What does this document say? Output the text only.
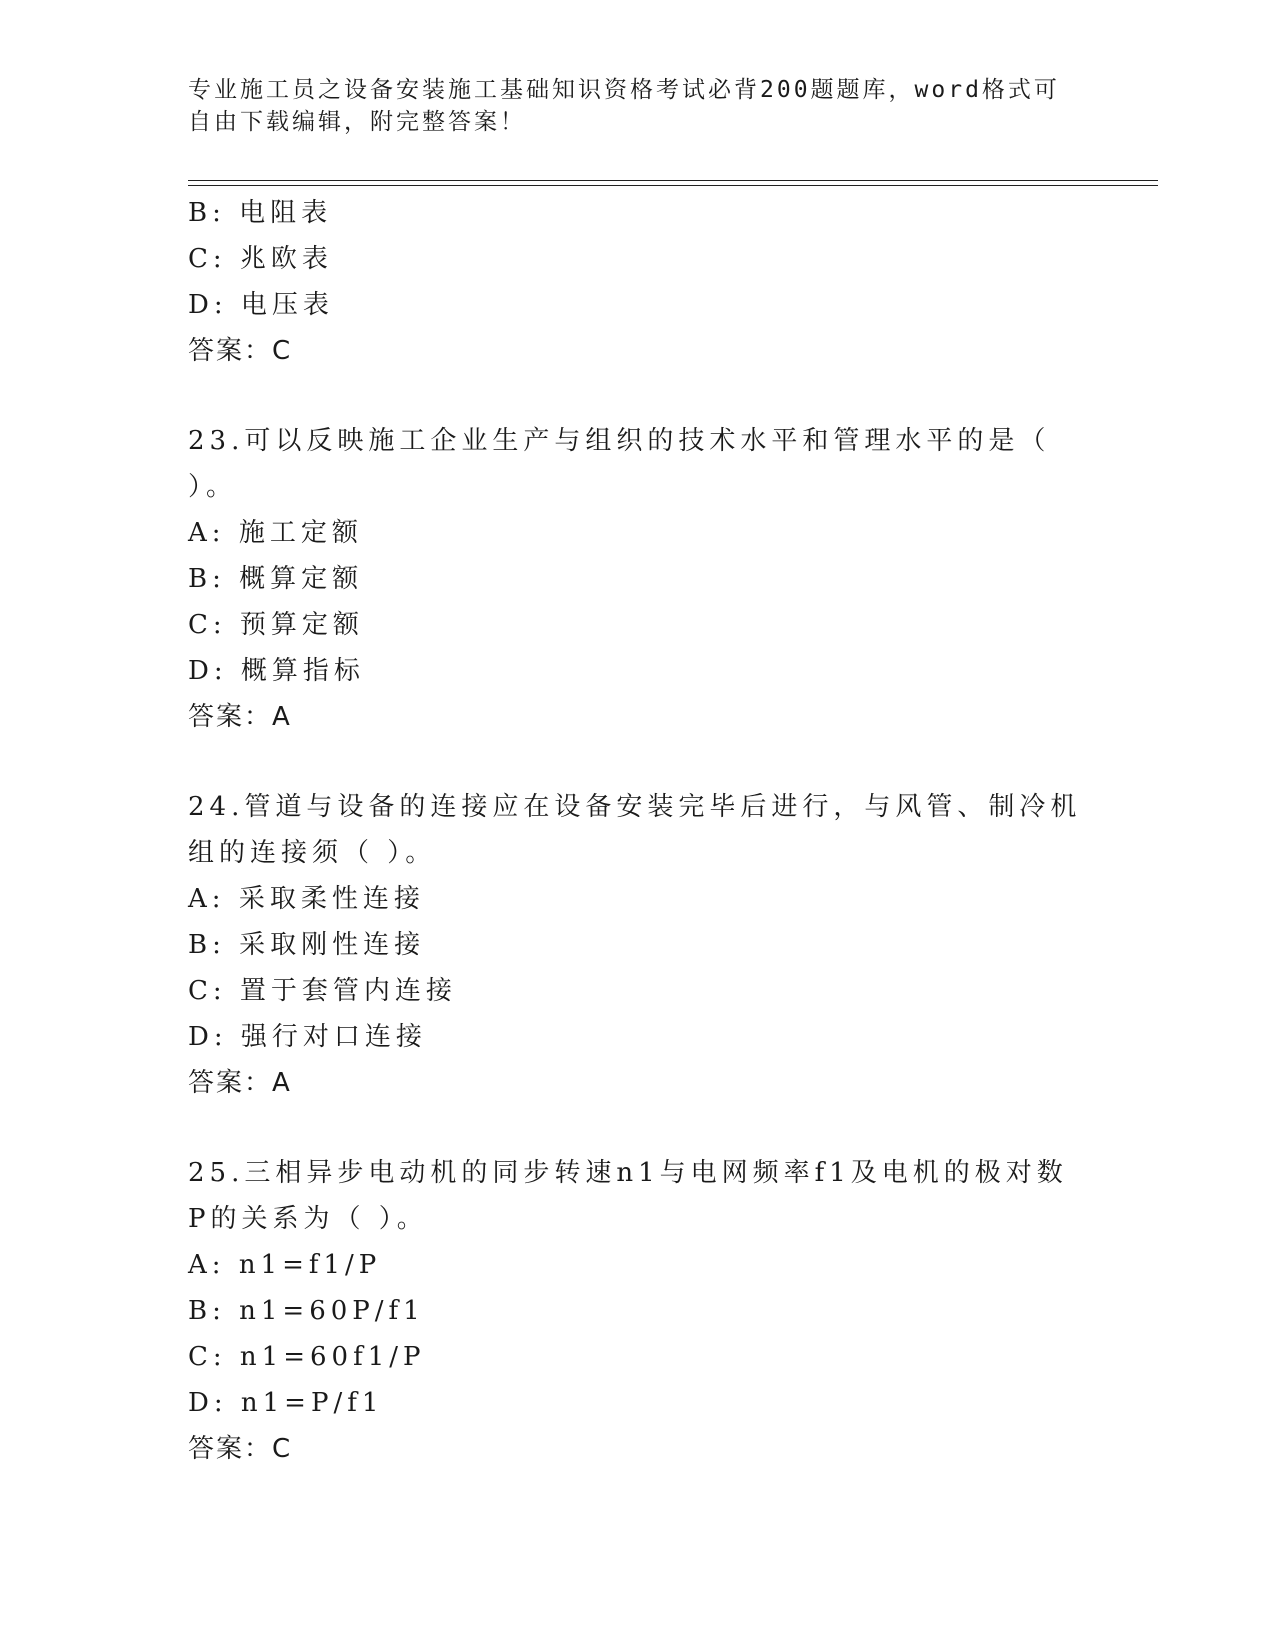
专业施工员之设备安装施工基础知识资格考试必背200题题库，word格式可自由下载编辑，附完整答案！
B: 电阻表
C: 兆欧表
D: 电压表
答案：C
23.可以反映施工企业生产与组织的技术水平和管理水平的是（ ）。
A: 施工定额
B: 概算定额
C: 预算定额
D: 概算指标
答案：A
24.管道与设备的连接应在设备安装完毕后进行，与风管、制冷机组的连接须（ ）。
A: 采取柔性连接
B: 采取刚性连接
C: 置于套管内连接
D: 强行对口连接
答案：A
25.三相异步电动机的同步转速n1与电网频率f1及电机的极对数P的关系为（ ）。
A: n1=f1/P
B: n1=60P/f1
C: n1=60f1/P
D: n1=P/f1
答案：C
